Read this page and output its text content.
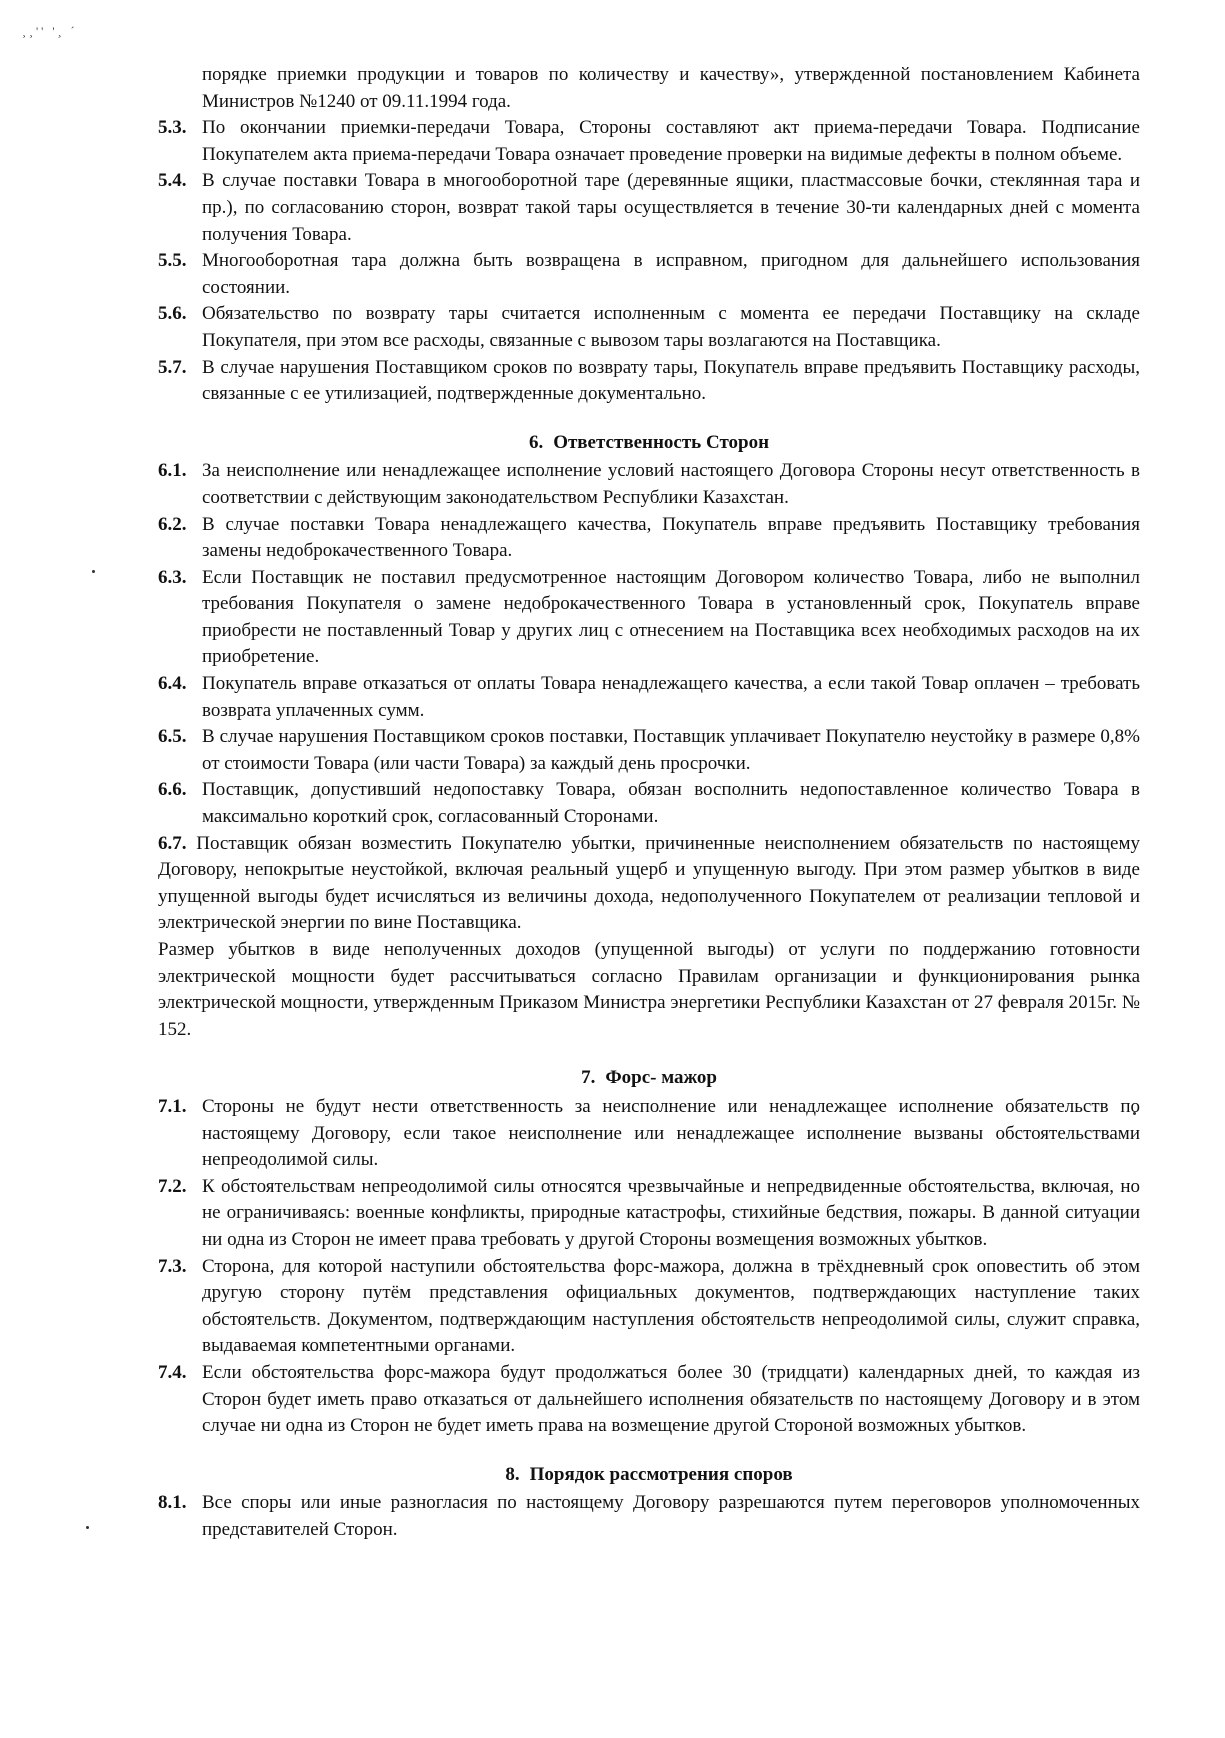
¸¸'' '¸ ´

порядке приемки продукции и товаров по количеству и качеству», утвержденной постановлением Кабинета Министров №1240 от 09.11.1994 года.

5.3. По окончании приемки-передачи Товара, Стороны составляют акт приема-передачи Товара. Подписание Покупателем акта приема-передачи Товара означает проведение проверки на видимые дефекты в полном объеме.
5.4. В случае поставки Товара в многооборотной таре (деревянные ящики, пластмассовые бочки, стеклянная тара и пр.), по согласованию сторон, возврат такой тары осуществляется в течение 30-ти календарных дней с момента получения Товара.
5.5. Многооборотная тара должна быть возвращена в исправном, пригодном для дальнейшего использования состоянии.
5.6. Обязательство по возврату тары считается исполненным с момента ее передачи Поставщику на складе Покупателя, при этом все расходы, связанные с вывозом тары возлагаются на Поставщика.
5.7. В случае нарушения Поставщиком сроков по возврату тары, Покупатель вправе предъявить Поставщику расходы, связанные с ее утилизацией, подтвержденные документально.
6. Ответственность Сторон
6.1. За неисполнение или ненадлежащее исполнение условий настоящего Договора Стороны несут ответственность в соответствии с действующим законодательством Республики Казахстан.
6.2. В случае поставки Товара ненадлежащего качества, Покупатель вправе предъявить Поставщику требования замены недоброкачественного Товара.
6.3. Если Поставщик не поставил предусмотренное настоящим Договором количество Товара, либо не выполнил требования Покупателя о замене недоброкачественного Товара в установленный срок, Покупатель вправе приобрести не поставленный Товар у других лиц с отнесением на Поставщика всех необходимых расходов на их приобретение.
6.4. Покупатель вправе отказаться от оплаты Товара ненадлежащего качества, а если такой Товар оплачен – требовать возврата уплаченных сумм.
6.5. В случае нарушения Поставщиком сроков поставки, Поставщик уплачивает Покупателю неустойку в размере 0,8% от стоимости Товара (или части Товара) за каждый день просрочки.
6.6. Поставщик, допустивший недопоставку Товара, обязан восполнить недопоставленное количество Товара в максимально короткий срок, согласованный Сторонами.

6.7. Поставщик обязан возместить Покупателю убытки, причиненные неисполнением обязательств по настоящему Договору, непокрытые неустойкой, включая реальный ущерб и упущенную выгоду. При этом размер убытков в виде упущенной выгоды будет исчисляться из величины дохода, недополученного Покупателем от реализации тепловой и электрической энергии по вине Поставщика.

Размер убытков в виде неполученных доходов (упущенной выгоды) от услуги по поддержанию готовности электрической мощности будет рассчитываться согласно Правилам организации и функционирования рынка электрической мощности, утвержденным Приказом Министра энергетики Республики Казахстан от 27 февраля 2015г. № 152.

7. Форс- мажор
7.1. Стороны не будут нести ответственность за неисполнение или ненадлежащее исполнение обязательств по настоящему Договору, если такое неисполнение или ненадлежащее исполнение вызваны обстоятельствами непреодолимой силы.
7.2. К обстоятельствам непреодолимой силы относятся чрезвычайные и непредвиденные обстоятельства, включая, но не ограничиваясь: военные конфликты, природные катастрофы, стихийные бедствия, пожары. В данной ситуации ни одна из Сторон не имеет права требовать у другой Стороны возмещения возможных убытков.
7.3. Сторона, для которой наступили обстоятельства форс-мажора, должна в трёхдневный срок оповестить об этом другую сторону путём представления официальных документов, подтверждающих наступление таких обстоятельств. Документом, подтверждающим наступления обстоятельств непреодолимой силы, служит справка, выдаваемая компетентными органами.
7.4. Если обстоятельства форс-мажора будут продолжаться более 30 (тридцати) календарных дней, то каждая из Сторон будет иметь право отказаться от дальнейшего исполнения обязательств по настоящему Договору и в этом случае ни одна из Сторон не будет иметь права на возмещение другой Стороной возможных убытков.
8. Порядок рассмотрения споров
8.1. Все споры или иные разногласия по настоящему Договору разрешаются путем переговоров уполномоченных представителей Сторон.
